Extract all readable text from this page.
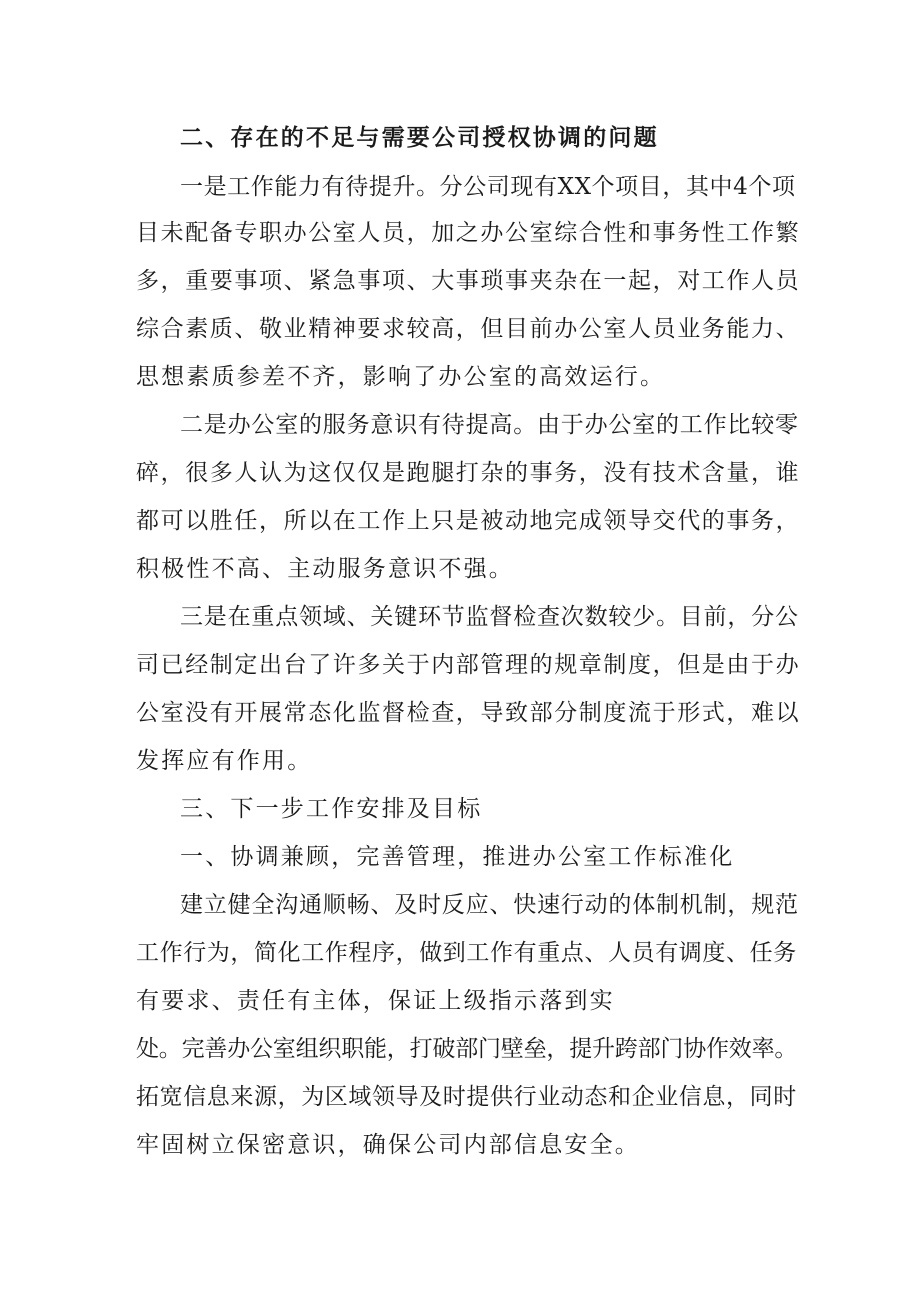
二、存在的不足与需要公司授权协调的问题
一是工作能力有待提升。分公司现有XX个项目，其中4个项
目未配备专职办公室人员，加之办公室综合性和事务性工作繁
多，重要事项、紧急事项、大事琐事夹杂在一起，对工作人员
综合素质、敬业精神要求较高，但目前办公室人员业务能力、
思想素质参差不齐，影响了办公室的高效运行。
二是办公室的服务意识有待提高。由于办公室的工作比较零
碎，很多人认为这仅仅是跑腿打杂的事务，没有技术含量，谁
都可以胜任，所以在工作上只是被动地完成领导交代的事务，
积极性不高、主动服务意识不强。
三是在重点领域、关键环节监督检查次数较少。目前，分公
司已经制定出台了许多关于内部管理的规章制度，但是由于办
公室没有开展常态化监督检查，导致部分制度流于形式，难以
发挥应有作用。
三、下一步工作安排及目标
一、协调兼顾，完善管理，推进办公室工作标准化
建立健全沟通顺畅、及时反应、快速行动的体制机制，规范
工作行为，简化工作程序，做到工作有重点、人员有调度、任务
有要求、责任有主体，保证上级指示落到实
处。完善办公室组织职能，打破部门壁垒，提升跨部门协作效率。
拓宽信息来源，为区域领导及时提供行业动态和企业信息，同时
牢固树立保密意识，确保公司内部信息安全。
